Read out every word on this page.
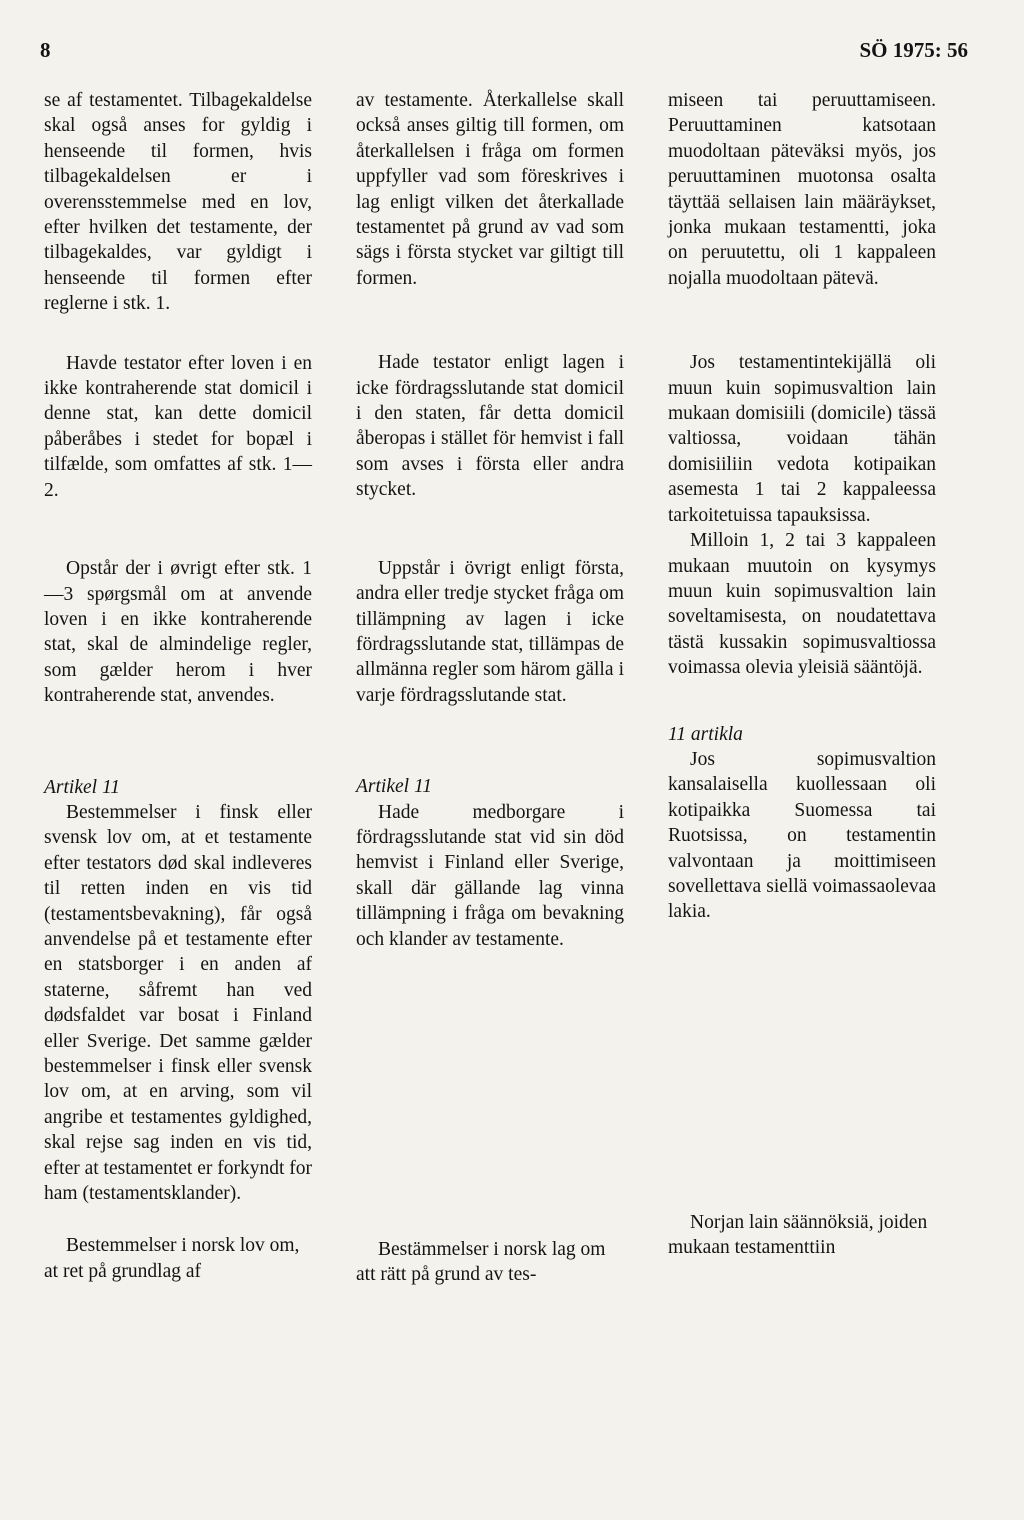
8	SÖ 1975: 56

se af testamentet. Tilbagekaldelse skal også anses for gyldig i henseende til formen, hvis tilbagekaldelsen er i overensstemmelse med en lov, efter hvilken det testamente, der tilbagekaldes, var gyldigt i henseende til formen efter reglerne i stk. 1.

Havde testator efter loven i en ikke kontraherende stat domicil i denne stat, kan dette domicil påberåbes i stedet for bopæl i tilfælde, som omfattes af stk. 1—2.

Opstår der i øvrigt efter stk. 1—3 spørgsmål om at anvende loven i en ikke kontraherende stat, skal de almindelige regler, som gælder herom i hver kontraherende stat, anvendes.

Artikel 11

Bestemmelser i finsk eller svensk lov om, at et testamente efter testators død skal indleveres til retten inden en vis tid (testamentsbevakning), får også anvendelse på et testamente efter en statsborger i en anden af staterne, såfremt han ved dødsfaldet var bosat i Finland eller Sverige. Det samme gælder bestemmelser i finsk eller svensk lov om, at en arving, som vil angribe et testamentes gyldighed, skal rejse sag inden en vis tid, efter at testamentet er forkyndt for ham (testamentsklander).

Bestemmelser i norsk lov om, at ret på grundlag af

av testamente. Återkallelse skall också anses giltig till formen, om återkallelsen i fråga om formen uppfyller vad som föreskrives i lag enligt vilken det återkallade testamentet på grund av vad som sägs i första stycket var giltigt till formen.

Hade testator enligt lagen i icke fördragsslutande stat domicil i den staten, får detta domicil åberopas i stället för hemvist i fall som avses i första eller andra stycket.

Uppstår i övrigt enligt första, andra eller tredje stycket fråga om tillämpning av lagen i icke fördragsslutande stat, tillämpas de allmänna regler som härom gälla i varje fördragsslutande stat.

Artikel 11

Hade medborgare i fördragsslutande stat vid sin död hemvist i Finland eller Sverige, skall där gällande lag vinna tillämpning i fråga om bevakning och klander av testamente.

Bestämmelser i norsk lag om att rätt på grund av tes-

miseen tai peruuttamiseen. Peruuttaminen katsotaan muodoltaan päteväksi myös, jos peruuttaminen muotonsa osalta täyttää sellaisen lain määräykset, jonka mukaan testamentti, joka on peruutettu, oli 1 kappaleen nojalla muodoltaan pätevä.

Jos testamentintekijällä oli muun kuin sopimusvaltion lain mukaan domisiili (domicile) tässä valtiossa, voidaan tähän domisiiliin vedota kotipaikan asemesta 1 tai 2 kappaleessa tarkoitetuissa tapauksissa.

Milloin 1, 2 tai 3 kappaleen mukaan muutoin on kysymys muun kuin sopimusvaltion lain soveltamisesta, on noudatettava tästä kussakin sopimusvaltiossa voimassa olevia yleisiä sääntöjä.

11 artikla

Jos sopimusvaltion kansalaisella kuollessaan oli kotipaikka Suomessa tai Ruotsissa, on testamentin valvontaan ja moittimiseen sovellettava siellä voimassaolevaa lakia.

Norjan lain säännöksiä, joiden mukaan testamenttiin
